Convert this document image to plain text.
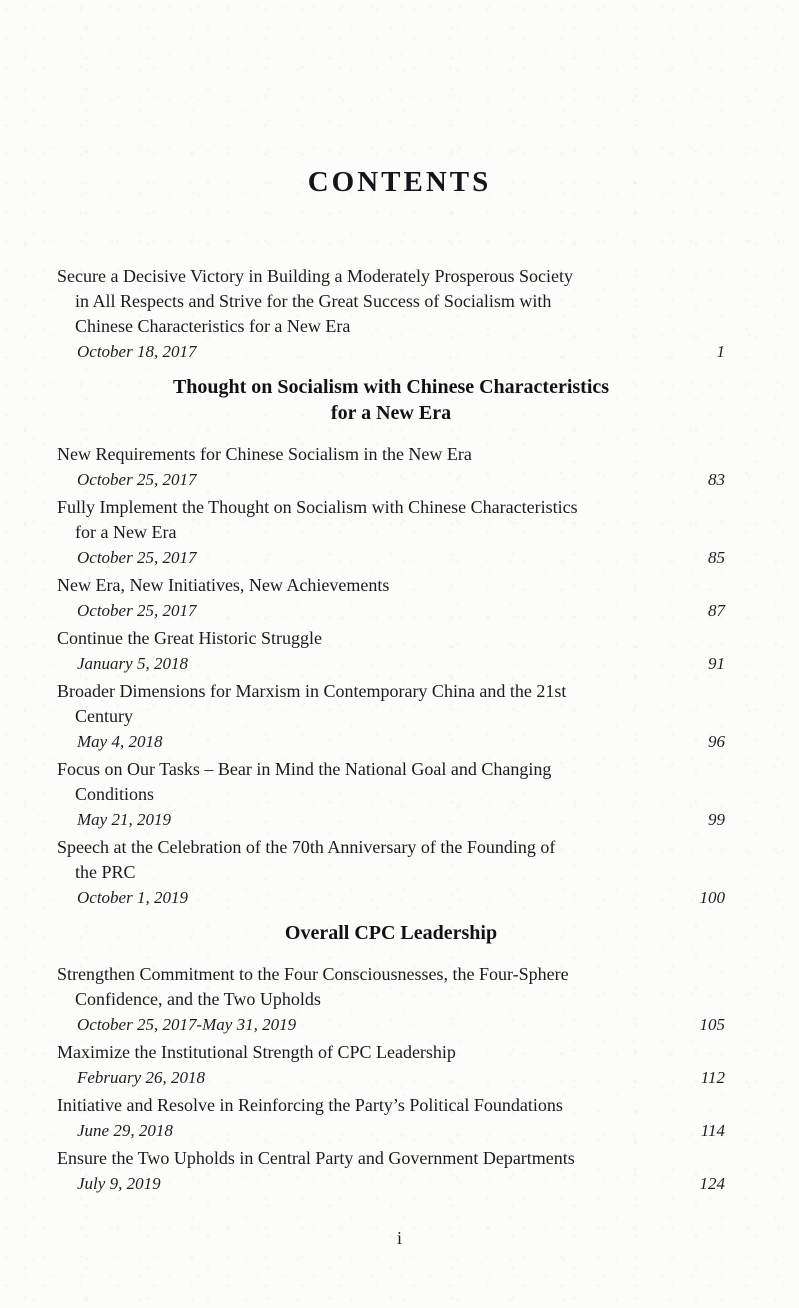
CONTENTS
Secure a Decisive Victory in Building a Moderately Prosperous Society
in All Respects and Strive for the Great Success of Socialism with
Chinese Characteristics for a New Era
October 18, 2017	1
Thought on Socialism with Chinese Characteristics
for a New Era
New Requirements for Chinese Socialism in the New Era
October 25, 2017	83
Fully Implement the Thought on Socialism with Chinese Characteristics
for a New Era
October 25, 2017	85
New Era, New Initiatives, New Achievements
October 25, 2017	87
Continue the Great Historic Struggle
January 5, 2018	91
Broader Dimensions for Marxism in Contemporary China and the 21st
Century
May 4, 2018	96
Focus on Our Tasks – Bear in Mind the National Goal and Changing
Conditions
May 21, 2019	99
Speech at the Celebration of the 70th Anniversary of the Founding of
the PRC
October 1, 2019	100
Overall CPC Leadership
Strengthen Commitment to the Four Consciousnesses, the Four-Sphere
Confidence, and the Two Upholds
October 25, 2017-May 31, 2019	105
Maximize the Institutional Strength of CPC Leadership
February 26, 2018	112
Initiative and Resolve in Reinforcing the Party’s Political Foundations
June 29, 2018	114
Ensure the Two Upholds in Central Party and Government Departments
July 9, 2019	124
i
